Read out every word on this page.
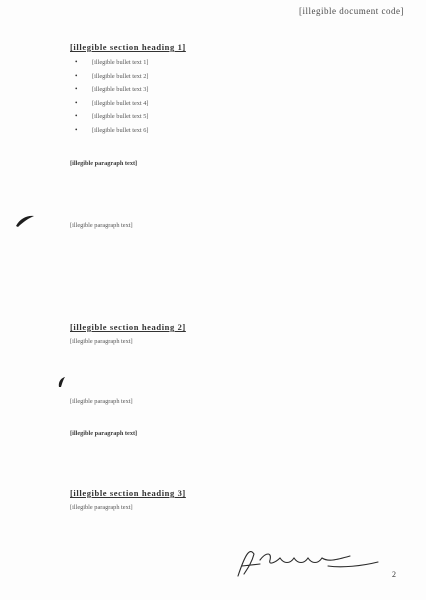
[illegible document code]
[illegible section heading 1]
• [illegible bullet text 1]
• [illegible bullet text 2]
• [illegible bullet text 3]
• [illegible bullet text 4]
• [illegible bullet text 5]
• [illegible bullet text 6]

[illegible paragraph text]

[illegible paragraph text]

[illegible section heading 2]

[illegible paragraph text]

[illegible paragraph text]

[illegible paragraph text]

[illegible section heading 3]

[illegible paragraph text]

2
